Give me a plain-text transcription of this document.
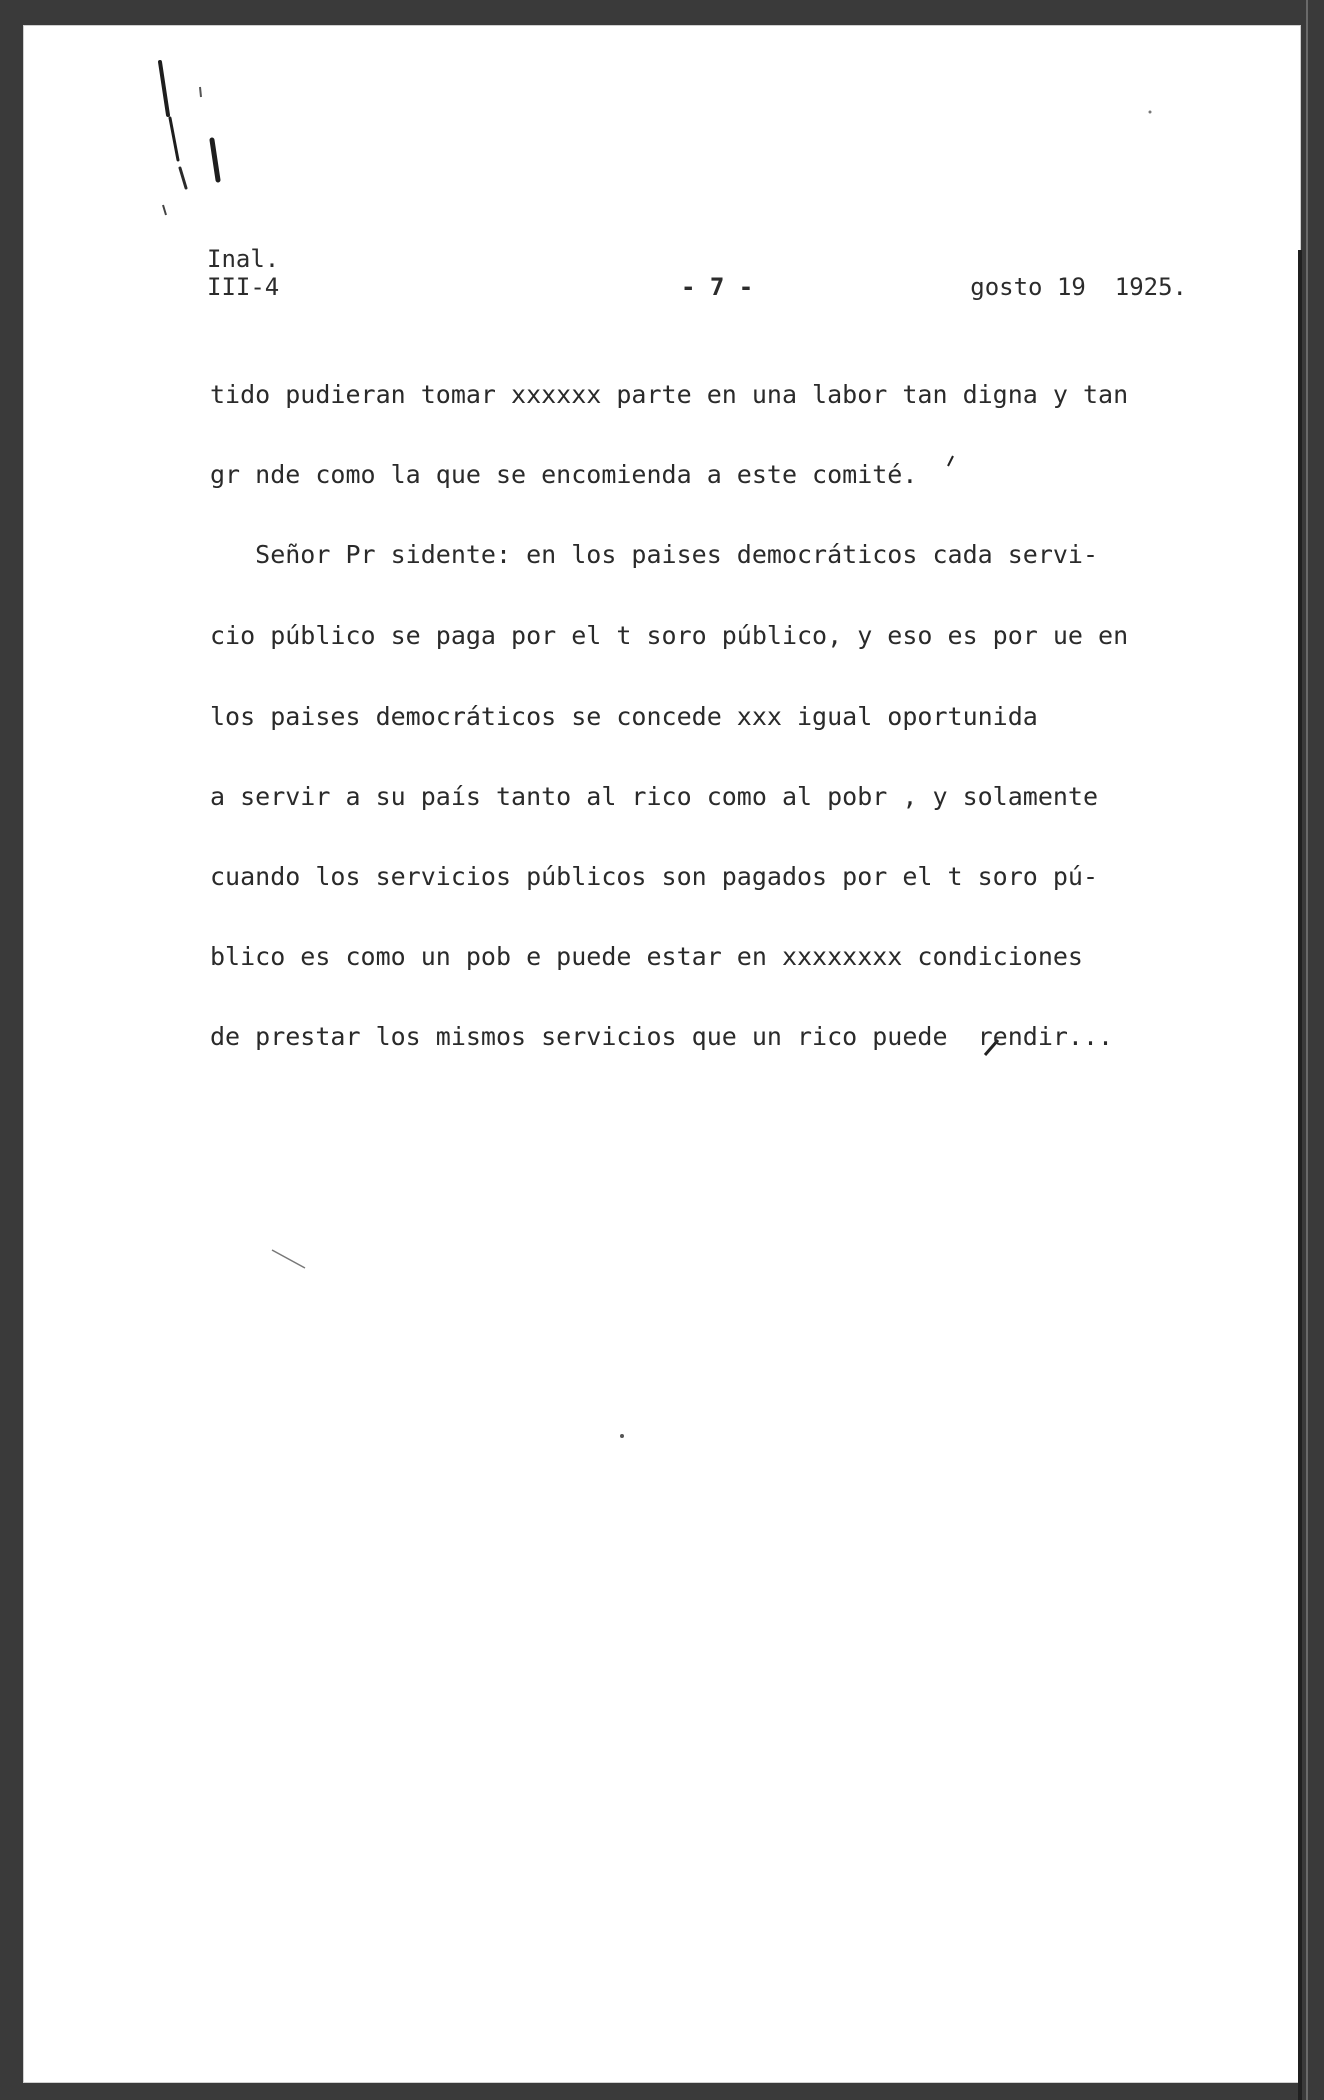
Inal.
III-4	- 7 -	gosto 19  1925.
tido pudieran tomar xxxxxx parte en una labor tan digna y tan
gr nde como la que se encomienda a este comité.
Señor Pr sidente: en los paises democráticos cada servi-
cio público se paga por el t soro público, y eso es por ue en
los paises democráticos se concede xxx igual oportunida
a servir a su país tanto al rico como al pobr , y solamente
cuando los servicios públicos son pagados por el t soro pú-
blico es como un pob e puede estar en xxxxxxxx condiciones
de prestar los mismos servicios que un rico puede  rendir...
